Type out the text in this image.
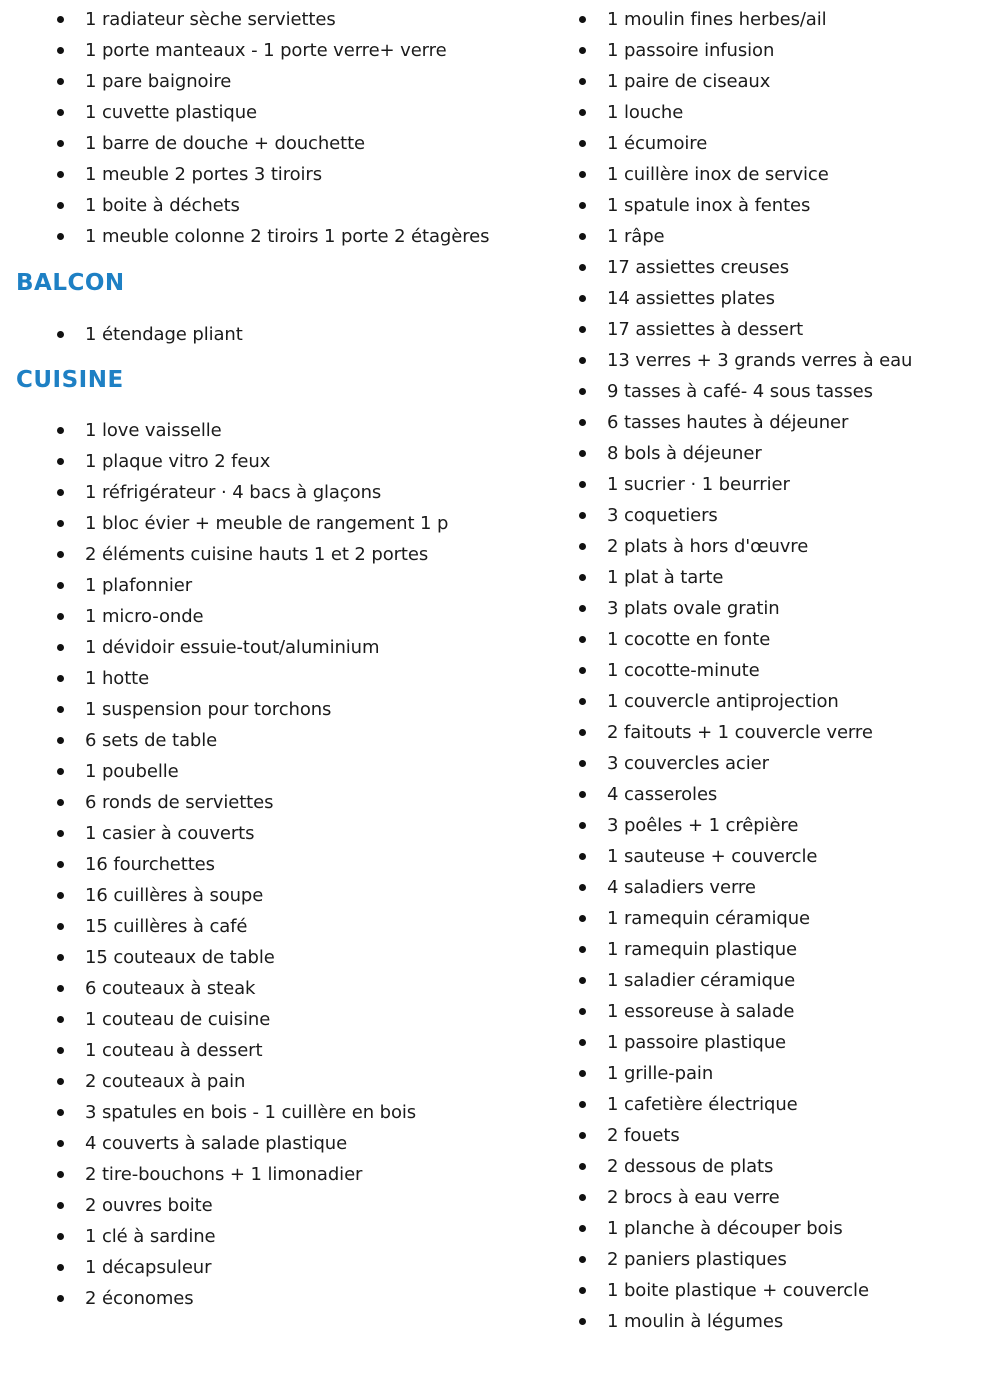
1 radiateur sèche serviettes
1 porte manteaux - 1 porte verre+ verre
1 pare baignoire
1 cuvette plastique
1 barre de douche + douchette
1 meuble 2 portes 3 tiroirs
1 boite à déchets
1 meuble colonne 2 tiroirs 1 porte 2 étagères
BALCON
1 étendage pliant
CUISINE
1 love vaisselle
1 plaque vitro 2 feux
1 réfrigérateur · 4 bacs à glaçons
1 bloc évier + meuble de rangement 1 p
2 éléments cuisine hauts 1 et 2 portes
1 plafonnier
1 micro-onde
1 dévidoir essuie-tout/aluminium
1 hotte
1 suspension pour torchons
6 sets de table
1 poubelle
6 ronds de serviettes
1 casier à couverts
16 fourchettes
16 cuillères à soupe
15 cuillères à café
15 couteaux de table
6 couteaux à steak
1 couteau de cuisine
1 couteau à dessert
2 couteaux à pain
3 spatules en bois - 1 cuillère en bois
4 couverts à salade plastique
2 tire-bouchons + 1 limonadier
2 ouvres boite
1 clé à sardine
1 décapsuleur
2 économes
1 moulin fines herbes/ail
1 passoire infusion
1 paire de ciseaux
1 louche
1 écumoire
1 cuillère inox de service
1 spatule inox à fentes
1 râpe
17 assiettes creuses
14 assiettes plates
17 assiettes à dessert
13 verres + 3 grands verres à eau
9 tasses à café- 4 sous tasses
6 tasses hautes à déjeuner
8 bols à déjeuner
1 sucrier · 1 beurrier
3 coquetiers
2 plats à hors d'œuvre
1 plat à tarte
3 plats ovale gratin
1 cocotte en fonte
1 cocotte-minute
1 couvercle antiprojection
2 faitouts + 1 couvercle verre
3 couvercles acier
4 casseroles
3 poêles + 1 crêpière
1 sauteuse + couvercle
4 saladiers verre
1 ramequin céramique
1 ramequin plastique
1 saladier céramique
1 essoreuse à salade
1 passoire plastique
1 grille-pain
1 cafetière électrique
2 fouets
2 dessous de plats
2 brocs à eau verre
1 planche à découper bois
2 paniers plastiques
1 boite plastique + couvercle
1 moulin à légumes
